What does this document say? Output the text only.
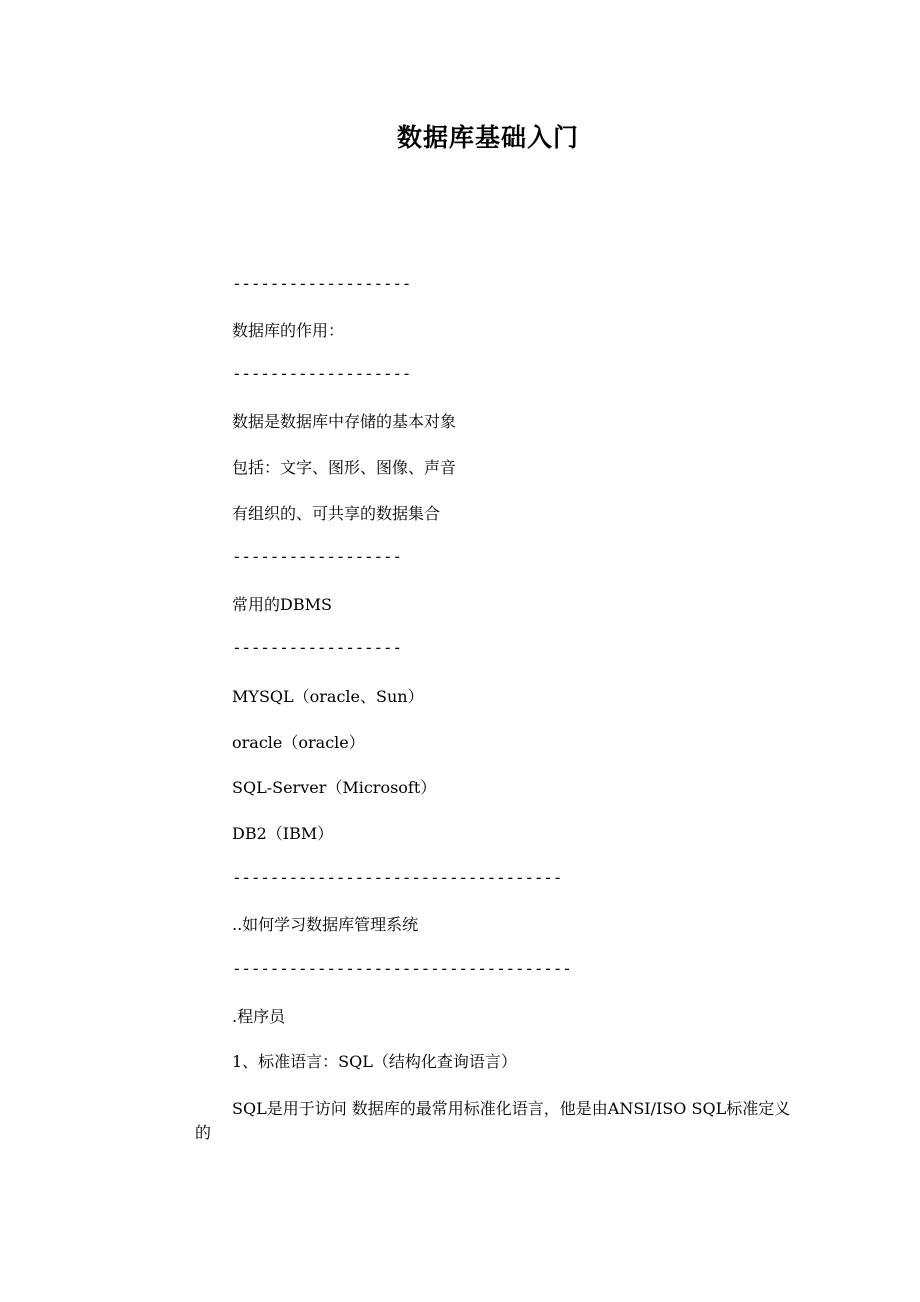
数据库基础入门
-------------------
数据库的作用：
-------------------
数据是数据库中存储的基本对象
包括：文字、图形、图像、声音
有组织的、可共享的数据集合
------------------
常用的DBMS
------------------
MYSQL（oracle、Sun）
oracle（oracle）
SQL-Server（Microsoft）
DB2（IBM）
-----------------------------------
..如何学习数据库管理系统
------------------------------------
.程序员
1、标准语言：SQL（结构化查询语言）
SQL是用于访问 数据库的最常用标准化语言，他是由ANSI/ISO SQL标准定义的
